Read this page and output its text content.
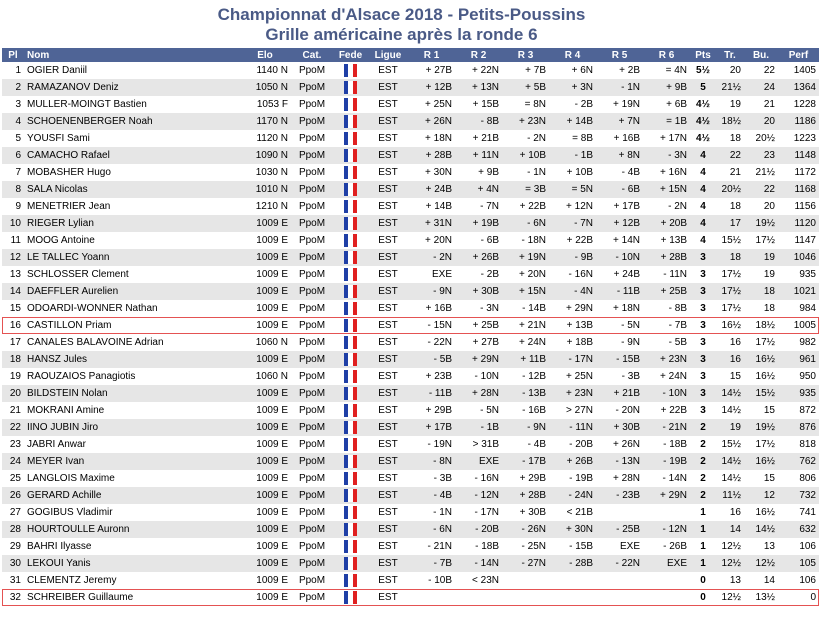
Championnat d'Alsace 2018 - Petits-Poussins
Grille américaine après la ronde 6
Pl	Nom	Elo	Cat.	Fede	Ligue	R 1	R 2	R 3	R 4	R 5	R 6	Pts	Tr.	Bu.	Perf
1	OGIER Daniil	1140 N	PpoM		EST	+ 27B	+ 22N	+ 7B	+ 6N	+ 2B	= 4N	5½	20	22	1405
2	RAMAZANOV Deniz	1050 N	PpoM		EST	+ 12B	+ 13N	+ 5B	+ 3N	- 1N	+ 9B	5	21½	24	1364
3	MULLER-MOINGT Bastien	1053 F	PpoM		EST	+ 25N	+ 15B	= 8N	- 2B	+ 19N	+ 6B	4½	19	21	1228
4	SCHOENENBERGER Noah	1170 N	PpoM		EST	+ 26N	- 8B	+ 23N	+ 14B	+ 7N	= 1B	4½	18½	20	1186
5	YOUSFI Sami	1120 N	PpoM		EST	+ 18N	+ 21B	- 2N	= 8B	+ 16B	+ 17N	4½	18	20½	1223
6	CAMACHO Rafael	1090 N	PpoM		EST	+ 28B	+ 11N	+ 10B	- 1B	+ 8N	- 3N	4	22	23	1148
7	MOBASHER Hugo	1030 N	PpoM		EST	+ 30N	+ 9B	- 1N	+ 10B	- 4B	+ 16N	4	21	21½	1172
8	SALA Nicolas	1010 N	PpoM		EST	+ 24B	+ 4N	= 3B	= 5N	- 6B	+ 15N	4	20½	22	1168
9	MENETRIER Jean	1210 N	PpoM		EST	+ 14B	- 7N	+ 22B	+ 12N	+ 17B	- 2N	4	18	20	1156
10	RIEGER Lylian	1009 E	PpoM		EST	+ 31N	+ 19B	- 6N	- 7N	+ 12B	+ 20B	4	17	19½	1120
11	MOOG Antoine	1009 E	PpoM		EST	+ 20N	- 6B	- 18N	+ 22B	+ 14N	+ 13B	4	15½	17½	1147
12	LE TALLEC Yoann	1009 E	PpoM		EST	- 2N	+ 26B	+ 19N	- 9B	- 10N	+ 28B	3	18	19	1046
13	SCHLOSSER Clement	1009 E	PpoM		EST	EXE	- 2B	+ 20N	- 16N	+ 24B	- 11N	3	17½	19	935
14	DAEFFLER Aurelien	1009 E	PpoM		EST	- 9N	+ 30B	+ 15N	- 4N	- 11B	+ 25B	3	17½	18	1021
15	ODOARDI-WONNER Nathan	1009 E	PpoM		EST	+ 16B	- 3N	- 14B	+ 29N	+ 18N	- 8B	3	17½	18	984
16	CASTILLON Priam	1009 E	PpoM		EST	- 15N	+ 25B	+ 21N	+ 13B	- 5N	- 7B	3	16½	18½	1005
17	CANALES BALAVOINE Adrian	1060 N	PpoM		EST	- 22N	+ 27B	+ 24N	+ 18B	- 9N	- 5B	3	16	17½	982
18	HANSZ Jules	1009 E	PpoM		EST	- 5B	+ 29N	+ 11B	- 17N	- 15B	+ 23N	3	16	16½	961
19	RAOUZAIOS Panagiotis	1060 N	PpoM		EST	+ 23B	- 10N	- 12B	+ 25N	- 3B	+ 24N	3	15	16½	950
20	BILDSTEIN Nolan	1009 E	PpoM		EST	- 11B	+ 28N	- 13B	+ 23N	+ 21B	- 10N	3	14½	15½	935
21	MOKRANI Amine	1009 E	PpoM		EST	+ 29B	- 5N	- 16B	> 27N	- 20N	+ 22B	3	14½	15	872
22	IINO JUBIN Jiro	1009 E	PpoM		EST	+ 17B	- 1B	- 9N	- 11N	+ 30B	- 21N	2	19	19½	876
23	JABRI Anwar	1009 E	PpoM		EST	- 19N	> 31B	- 4B	- 20B	+ 26N	- 18B	2	15½	17½	818
24	MEYER Ivan	1009 E	PpoM		EST	- 8N	EXE	- 17B	+ 26B	- 13N	- 19B	2	14½	16½	762
25	LANGLOIS Maxime	1009 E	PpoM		EST	- 3B	- 16N	+ 29B	- 19B	+ 28N	- 14N	2	14½	15	806
26	GERARD Achille	1009 E	PpoM		EST	- 4B	- 12N	+ 28B	- 24N	- 23B	+ 29N	2	11½	12	732
27	GOGIBUS Vladimir	1009 E	PpoM		EST	- 1N	- 17N	+ 30B	< 21B			1	16	16½	741
28	HOURTOULLE Auronn	1009 E	PpoM		EST	- 6N	- 20B	- 26N	+ 30N	- 25B	- 12N	1	14	14½	632
29	BAHRI Ilyasse	1009 E	PpoM		EST	- 21N	- 18B	- 25N	- 15B	EXE	- 26B	1	12½	13	106
30	LEKOUI Yanis	1009 E	PpoM		EST	- 7B	- 14N	- 27N	- 28B	- 22N	EXE	1	12½	12½	105
31	CLEMENTZ Jeremy	1009 E	PpoM		EST	- 10B	< 23N					0	13	14	106
32	SCHREIBER Guillaume	1009 E	PpoM		EST							0	12½	13½	0
